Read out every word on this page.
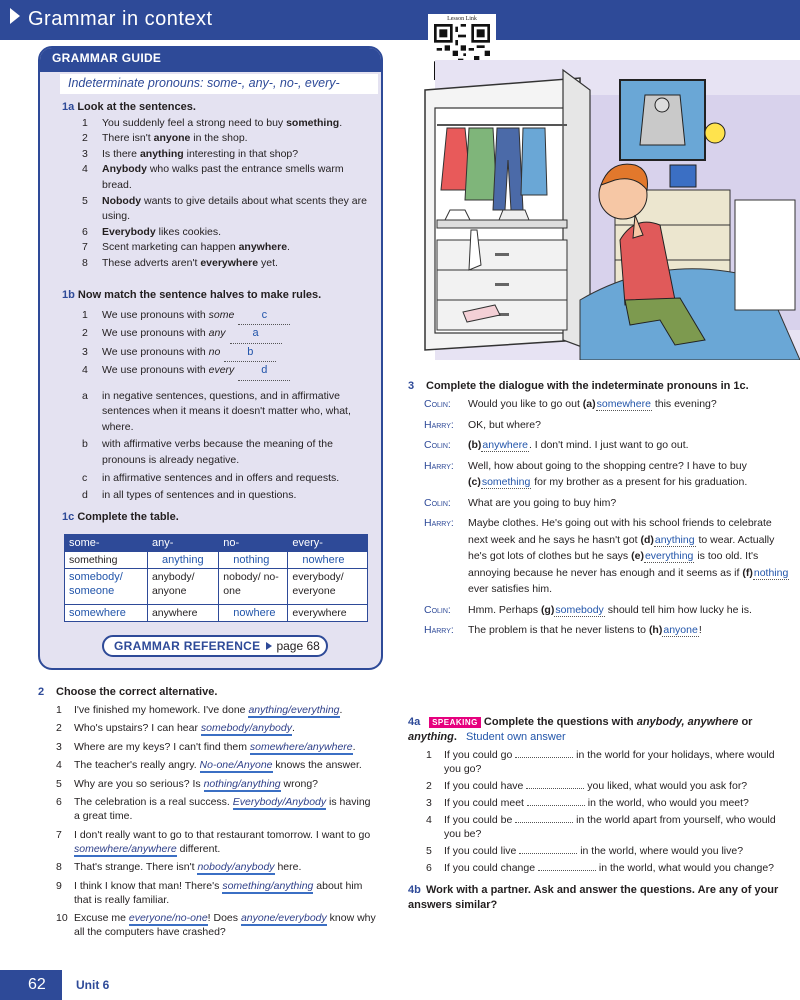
Grammar in context	Lesson Link
GRAMMAR GUIDE
Indeterminate pronouns: some-, any-, no-, every-
1a Look at the sentences.
1 You suddenly feel a strong need to buy something.
2 There isn't anyone in the shop.
3 Is there anything interesting in that shop?
4 Anybody who walks past the entrance smells warm bread.
5 Nobody wants to give details about what scents they are using.
6 Everybody likes cookies.
7 Scent marketing can happen anywhere.
8 These adverts aren't everywhere yet.
1b Now match the sentence halves to make rules.
1 We use pronouns with some c
2 We use pronouns with any a
3 We use pronouns with no b
4 We use pronouns with every d
a in negative sentences, questions, and in affirmative sentences when it means it doesn't matter who, what, where.
b with affirmative verbs because the meaning of the pronouns is already negative.
c in affirmative sentences and in offers and requests.
d in all types of sentences and in questions.
1c Complete the table.
some-	any-	no-	every-
something	anything	nothing	nowhere
somebody/ someone	anybody/ anyone	nobody/ no-one	everybody/ everyone
somewhere	anywhere	nowhere	everywhere
GRAMMAR REFERENCE page 68
2 Choose the correct alternative.
1 I've finished my homework. I've done anything/everything.
2 Who's upstairs? I can hear somebody/anybody.
3 Where are my keys? I can't find them somewhere/anywhere.
4 The teacher's really angry. No-one/Anyone knows the answer.
5 Why are you so serious? Is nothing/anything wrong?
6 The celebration is a real success. Everybody/Anybody is having a great time.
7 I don't really want to go to that restaurant tomorrow. I want to go somewhere/anywhere different.
8 That's strange. There isn't nobody/anybody here.
9 I think I know that man! There's something/anything about him that is really familiar.
10 Excuse me everyone/no-one! Does anyone/everybody know why all the computers have crashed?
3 Complete the dialogue with the indeterminate pronouns in 1c.
Colin: Would you like to go out (a)somewhere this evening?
Harry: OK, but where?
Colin: (b)anywhere. I don't mind. I just want to go out.
Harry: Well, how about going to the shopping centre? I have to buy (c)something for my brother as a present for his graduation.
Colin: What are you going to buy him?
Harry: Maybe clothes. He's going out with his school friends to celebrate next week and he says he hasn't got (d)anything to wear. Actually he's got lots of clothes but he says (e)everything is too old. It's annoying because he never has enough and it seems as if (f)nothing ever satisfies him.
Colin: Hmm. Perhaps (g)somebody should tell him how lucky he is.
Harry: The problem is that he never listens to (h)anyone!
4a SPEAKING Complete the questions with anybody, anywhere or anything. Student own answer
1 If you could go	in the world for your holidays, where would you go?
2 If you could have	you liked, what would you ask for?
3 If you could meet	in the world, who would you meet?
4 If you could be	in the world apart from yourself, who would you be?
5 If you could live	in the world, where would you live?
6 If you could change	in the world, what would you change?
4b Work with a partner. Ask and answer the questions. Are any of your answers similar?
62	Unit 6
